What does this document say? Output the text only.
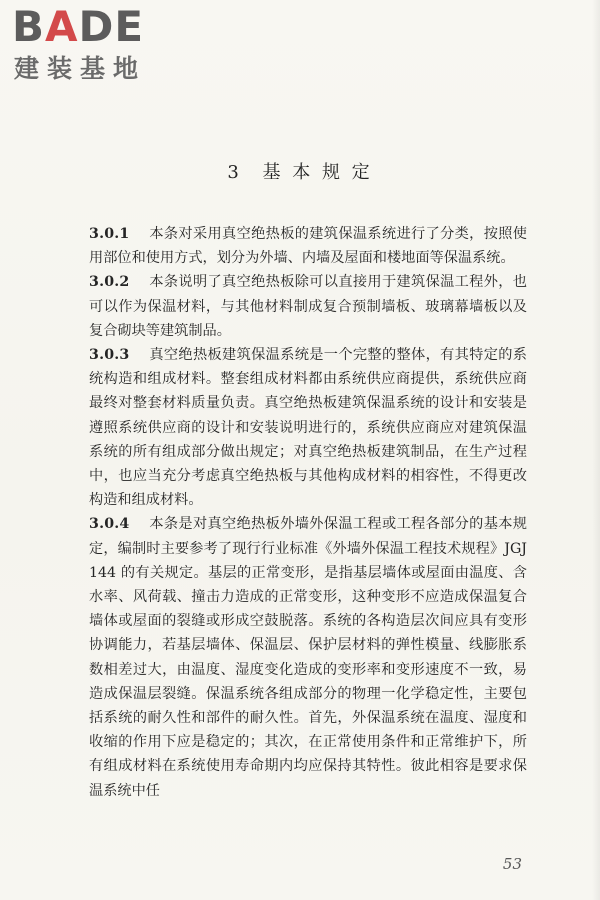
BADE
建装基地
3 基 本 规 定

3.0.1 本条对采用真空绝热板的建筑保温系统进行了分类，按照使用部位和使用方式，划分为外墙、内墙及屋面和楼地面等保温系统。

3.0.2 本条说明了真空绝热板除可以直接用于建筑保温工程外，也可以作为保温材料，与其他材料制成复合预制墙板、玻璃幕墙板以及复合砌块等建筑制品。

3.0.3 真空绝热板建筑保温系统是一个完整的整体，有其特定的系统构造和组成材料。整套组成材料都由系统供应商提供，系统供应商最终对整套材料质量负责。真空绝热板建筑保温系统的设计和安装是遵照系统供应商的设计和安装说明进行的，系统供应商应对建筑保温系统的所有组成部分做出规定；对真空绝热板建筑制品，在生产过程中，也应当充分考虑真空绝热板与其他构成材料的相容性，不得更改构造和组成材料。

3.0.4 本条是对真空绝热板外墙外保温工程或工程各部分的基本规定，编制时主要参考了现行行业标准《外墙外保温工程技术规程》JGJ 144 的有关规定。基层的正常变形，是指基层墙体或屋面由温度、含水率、风荷载、撞击力造成的正常变形，这种变形不应造成保温复合墙体或屋面的裂缝或形成空鼓脱落。系统的各构造层次间应具有变形协调能力，若基层墙体、保温层、保护层材料的弹性模量、线膨胀系数相差过大，由温度、湿度变化造成的变形率和变形速度不一致，易造成保温层裂缝。保温系统各组成部分的物理一化学稳定性，主要包括系统的耐久性和部件的耐久性。首先，外保温系统在温度、湿度和收缩的作用下应是稳定的；其次，在正常使用条件和正常维护下，所有组成材料在系统使用寿命期内均应保持其特性。彼此相容是要求保温系统中任

53
